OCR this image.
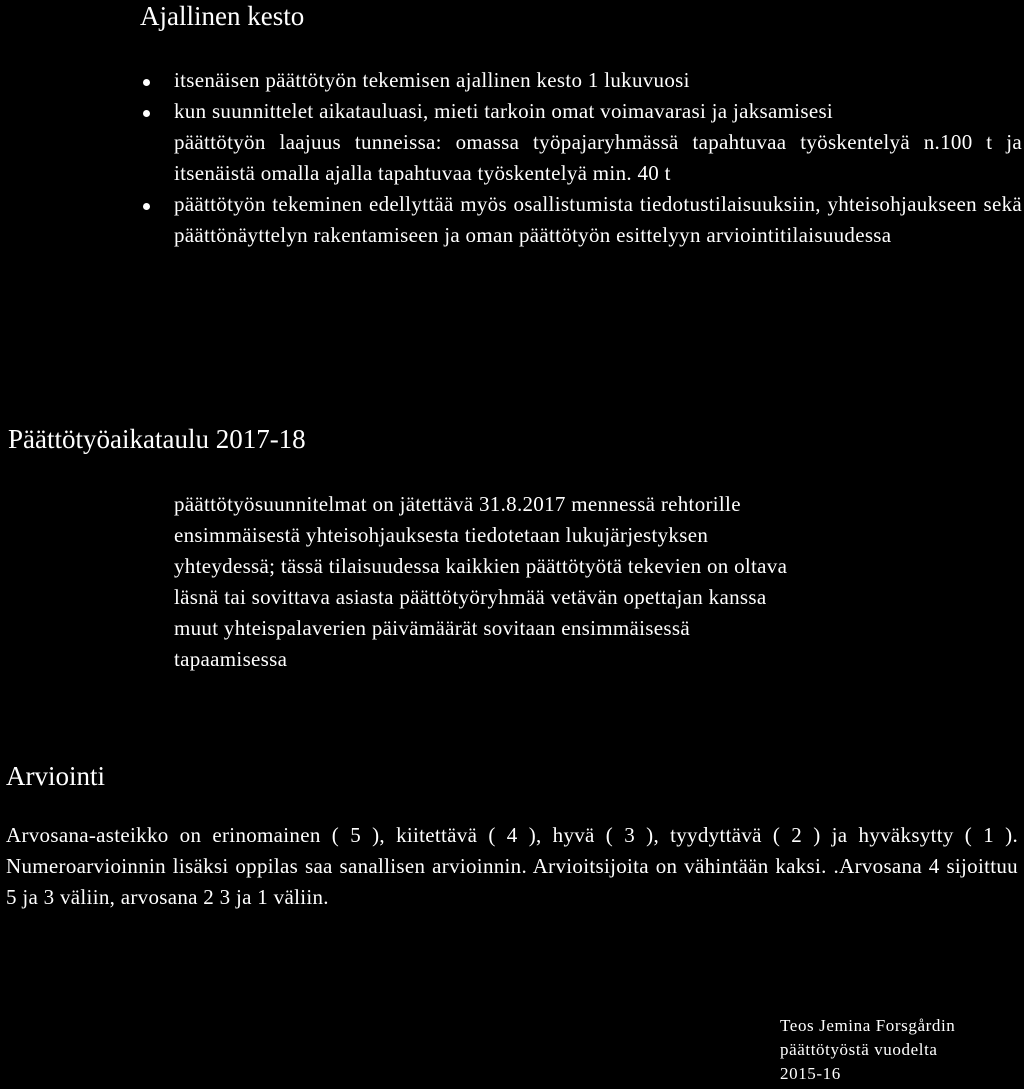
Ajallinen kesto
itsenäisen päättötyön tekemisen ajallinen kesto 1 lukuvuosi
kun suunnittelet aikatauluasi, mieti tarkoin omat voimavarasi ja jaksamisesi
päättötyön laajuus tunneissa: omassa työpajaryhmässä tapahtuvaa työskentelyä n.100 t ja itsenäistä omalla ajalla tapahtuvaa työskentelyä min. 40 t
päättötyön tekeminen edellyttää myös osallistumista tiedotustilaisuuksiin, yhteisohjaukseen sekä päättönäyttelyn rakentamiseen ja oman päättötyön esittelyyn arviointitilaisuudessa
Päättötyöaikataulu 2017-18
päättötyösuunnitelmat on jätettävä 31.8.2017 mennessä rehtorille
ensimmäisestä yhteisohjauksesta tiedotetaan lukujärjestyksen
yhteydessä; tässä tilaisuudessa kaikkien päättötyötä tekevien on oltava
läsnä tai sovittava asiasta päättötyöryhmää vetävän opettajan kanssa
muut yhteispalaverien päivämäärät sovitaan ensimmäisessä
tapaamisessa
Arviointi

Arvosana-asteikko on erinomainen ( 5 ), kiitettävä ( 4 ), hyvä ( 3 ), tyydyttävä ( 2 ) ja hyväksytty ( 1 ). Numeroarvioinnin lisäksi oppilas saa sanallisen arvioinnin. Arvioitsijoita on vähintään kaksi. .Arvosana 4 sijoittuu 5 ja 3 väliin, arvosana 2 3 ja 1 väliin.

Teos Jemina Forsgårdin
päättötyöstä vuodelta
2015-16
